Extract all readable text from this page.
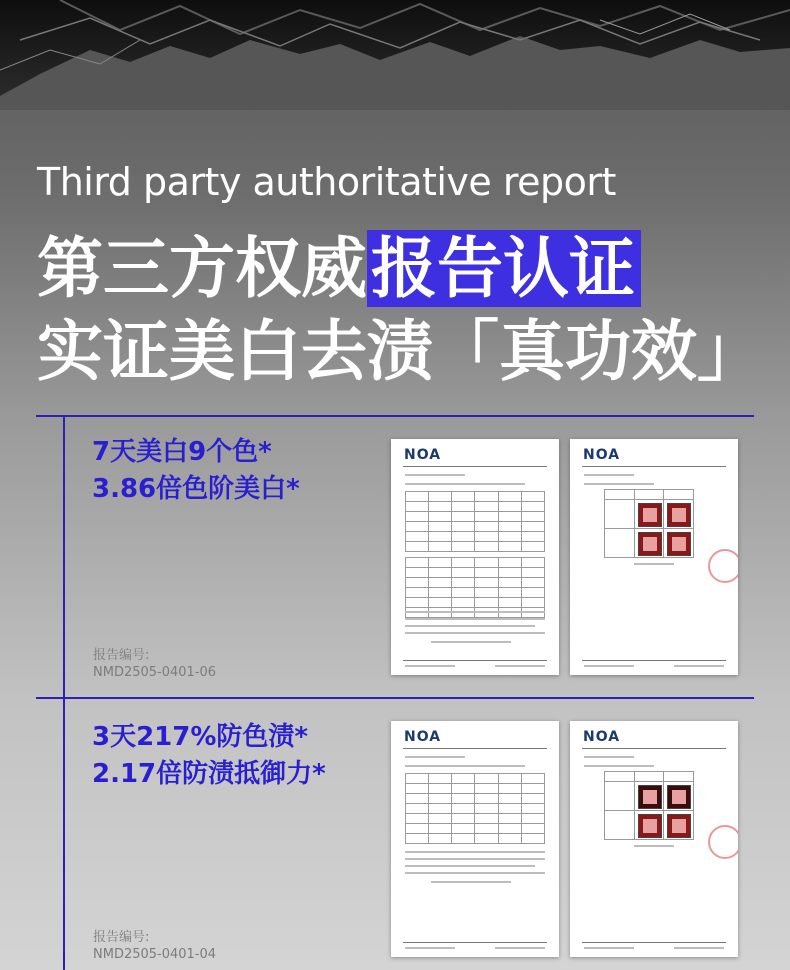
Third party authoritative report
第三方权威报告认证
实证美白去渍「真功效」
7天美白9个色*
3.86倍色阶美白*
报告编号:
NMD2505-0401-06
NOA

						NOA

3天217%防色渍*
2.17倍防渍抵御力*
报告编号:
NMD2505-0401-04
NOA

						NOA
